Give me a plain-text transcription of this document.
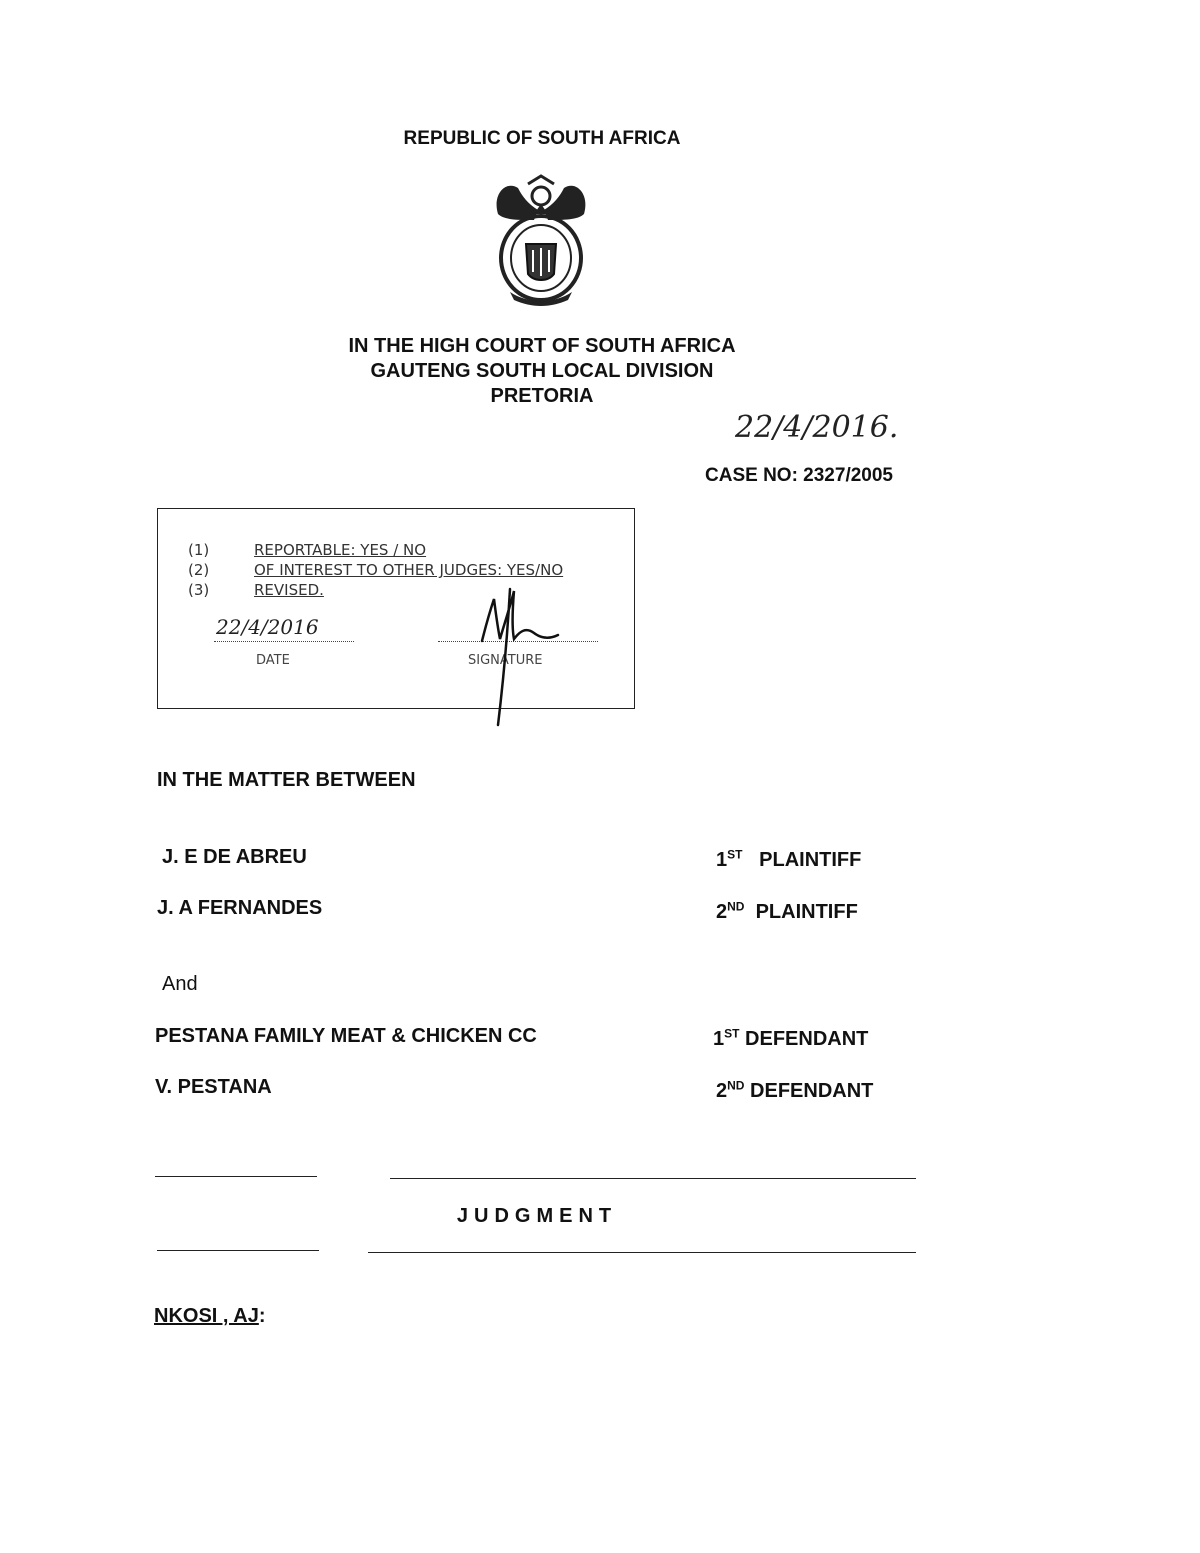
REPUBLIC OF SOUTH AFRICA
IN THE HIGH COURT OF SOUTH AFRICA
GAUTENG SOUTH LOCAL DIVISION
PRETORIA
22/4/2016.
CASE NO: 2327/2005
(1)	REPORTABLE: YES / NO
(2)	OF INTEREST TO OTHER JUDGES: YES/NO
(3)	REVISED.
22/4/2016
DATE	SIGNATURE
IN THE MATTER BETWEEN
J. E DE ABREU	1ST PLAINTIFF
J. A FERNANDES	2ND PLAINTIFF
And
PESTANA FAMILY MEAT & CHICKEN CC	1ST DEFENDANT
V. PESTANA	2ND DEFENDANT
JUDGMENT
NKOSI , AJ:
